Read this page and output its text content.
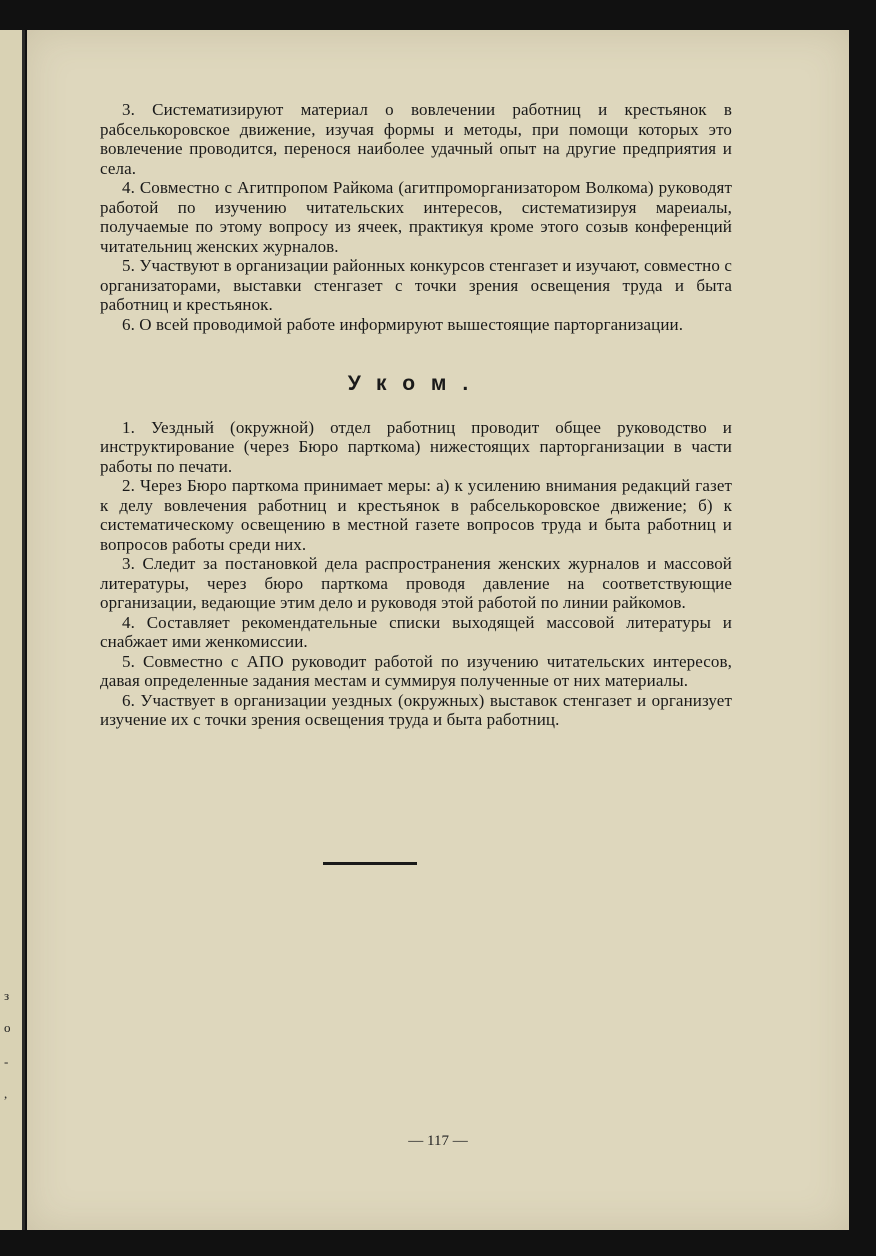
з
о
-
,

3. Систематизируют материал о вовлечении работниц и крестьянок в рабселькоровское движение, изучая формы и методы, при помощи которых это вовлечение проводится, перенося наиболее удачный опыт на другие предприятия и села.

4. Совместно с Агитпропом Райкома (агитпроморганизатором Волкома) руководят работой по изучению читательских интересов, систематизируя мареиалы, получаемые по этому вопросу из ячеек, практикуя кроме этого созыв конференций читательниц женских журналов.

5. Участвуют в организации районных конкурсов стенгазет и изучают, совместно с организаторами, выставки стенгазет с точки зрения освещения труда и быта работниц и крестьянок.

6. О всей проводимой работе информируют вышестоящие парторганизации.

Уком.

1. Уездный (окружной) отдел работниц проводит общее руководство и инструктирование (через Бюро парткома) нижестоящих парторганизации в части работы по печати.

2. Через Бюро парткома принимает меры: а) к усилению внимания редакций газет к делу вовлечения работниц и крестьянок в рабселькоровское движение; б) к систематическому освещению в местной газете вопросов труда и быта работниц и вопросов работы среди них.

3. Следит за постановкой дела распространения женских журналов и массовой литературы, через бюро парткома проводя давление на соответствующие организации, ведающие этим дело и руководя этой работой по линии райкомов.

4. Составляет рекомендательные списки выходящей массовой литературы и снабжает ими женкомиссии.

5. Совместно с АПО руководит работой по изучению читательских интересов, давая определенные задания местам и суммируя полученные от них материалы.

6. Участвует в организации уездных (окружных) выставок стенгазет и организует изучение их с точки зрения освещения труда и быта работниц.

— 117 —
